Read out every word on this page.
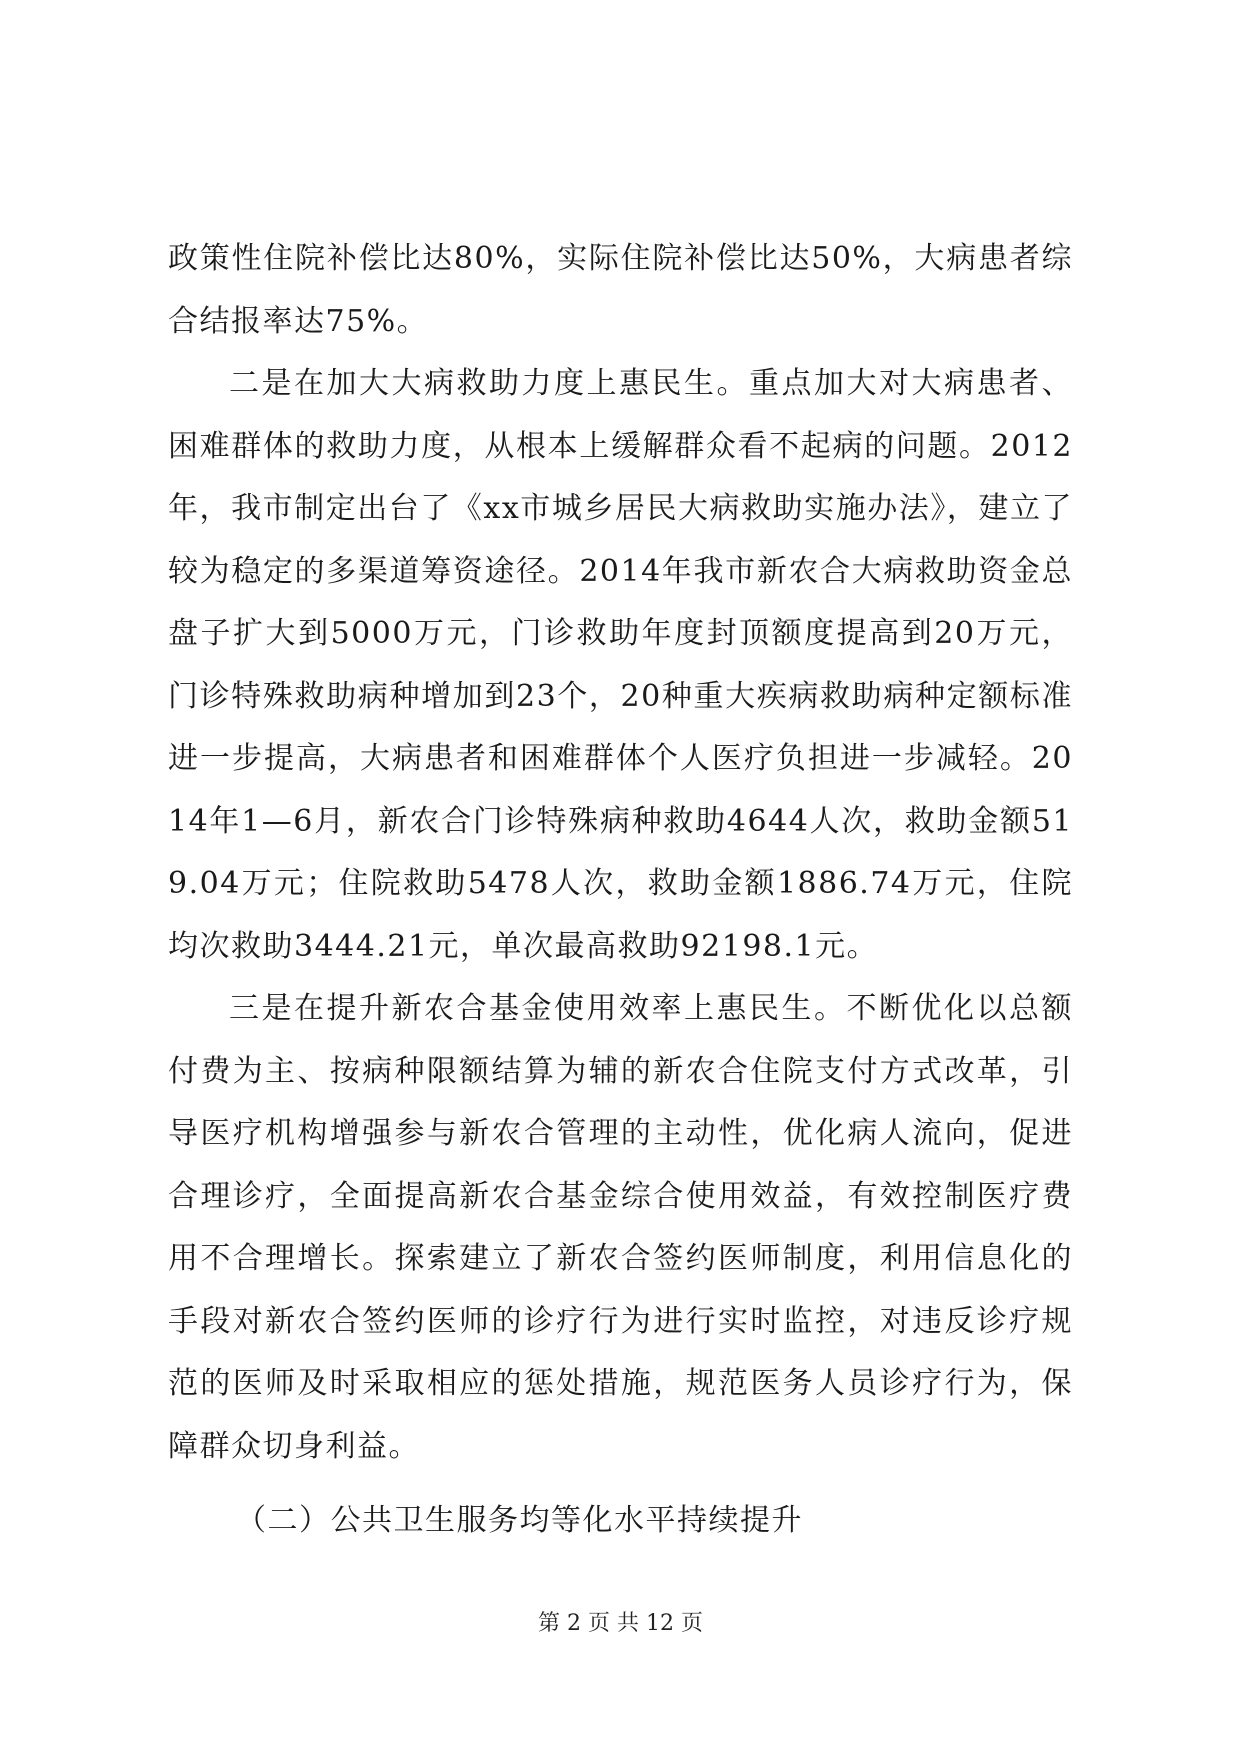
政策性住院补偿比达80%，实际住院补偿比达50%，大病患者综合结报率达75%。

二是在加大大病救助力度上惠民生。重点加大对大病患者、困难群体的救助力度，从根本上缓解群众看不起病的问题。2012年，我市制定出台了《xx市城乡居民大病救助实施办法》，建立了较为稳定的多渠道筹资途径。2014年我市新农合大病救助资金总盘子扩大到5000万元，门诊救助年度封顶额度提高到20万元，门诊特殊救助病种增加到23个，20种重大疾病救助病种定额标准进一步提高，大病患者和困难群体个人医疗负担进一步减轻。2014年1—6月，新农合门诊特殊病种救助4644人次，救助金额519.04万元；住院救助5478人次，救助金额1886.74万元，住院均次救助3444.21元，单次最高救助92198.1元。

三是在提升新农合基金使用效率上惠民生。不断优化以总额付费为主、按病种限额结算为辅的新农合住院支付方式改革，引导医疗机构增强参与新农合管理的主动性，优化病人流向，促进合理诊疗，全面提高新农合基金综合使用效益，有效控制医疗费用不合理增长。探索建立了新农合签约医师制度，利用信息化的手段对新农合签约医师的诊疗行为进行实时监控，对违反诊疗规范的医师及时采取相应的惩处措施，规范医务人员诊疗行为，保障群众切身利益。

（二）公共卫生服务均等化水平持续提升

第 2 页 共 12 页
